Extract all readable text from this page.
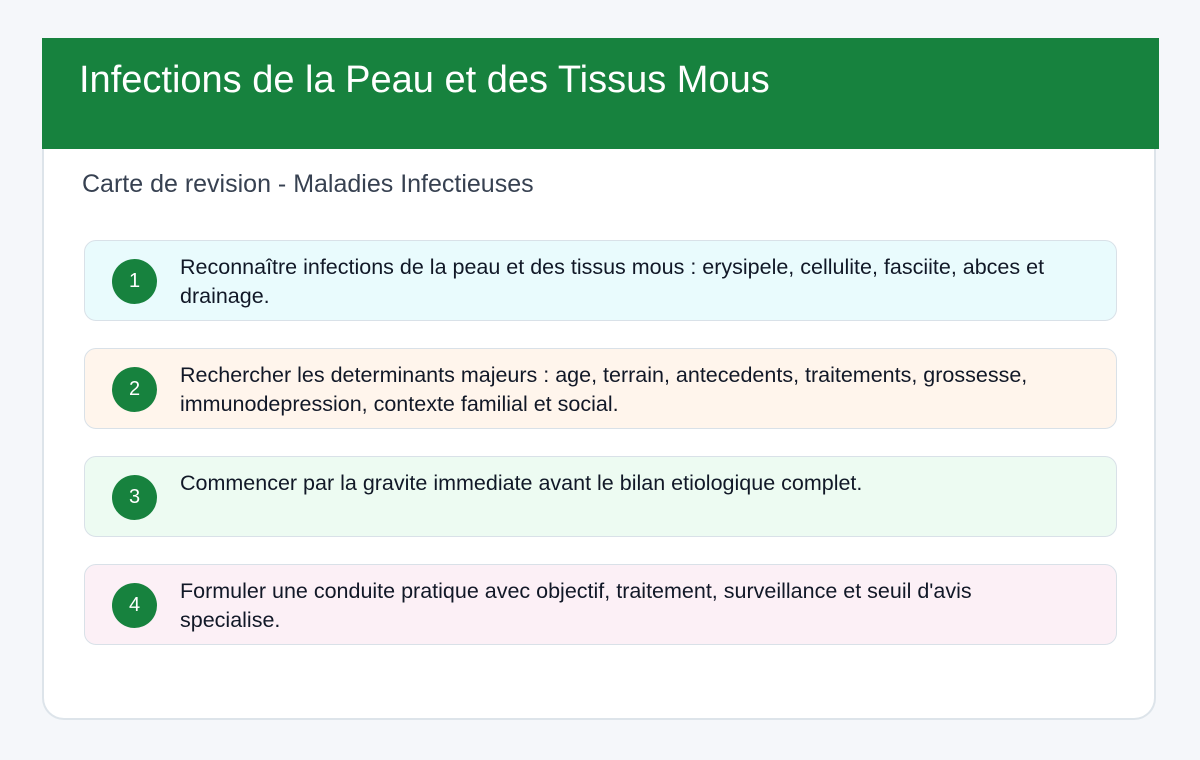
Infections de la Peau et des Tissus Mous

Carte de revision - Maladies Infectieuses

1

Reconnaître infections de la peau et des tissus mous : erysipele, cellulite, fasciite, abces et drainage.

2

Rechercher les determinants majeurs : age, terrain, antecedents, traitements, grossesse, immunodepression, contexte familial et social.

3

Commencer par la gravite immediate avant le bilan etiologique complet.

4

Formuler une conduite pratique avec objectif, traitement, surveillance et seuil d'avis specialise.
